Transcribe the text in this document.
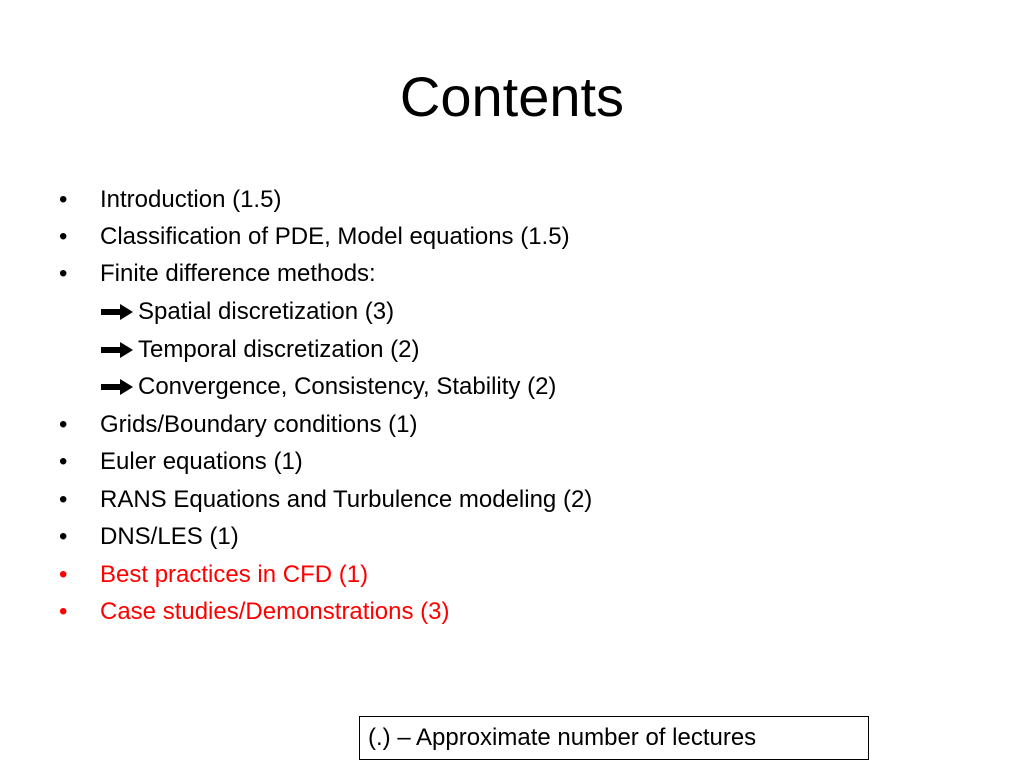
Contents
• Introduction (1.5)
• Classification of PDE, Model equations (1.5)
• Finite difference methods:
Spatial discretization (3)
Temporal discretization (2)
Convergence, Consistency, Stability (2)
• Grids/Boundary conditions (1)
• Euler equations (1)
• RANS Equations and Turbulence modeling (2)
• DNS/LES (1)
• Best practices in CFD (1)
• Case studies/Demonstrations (3)
(.) – Approximate number of lectures
